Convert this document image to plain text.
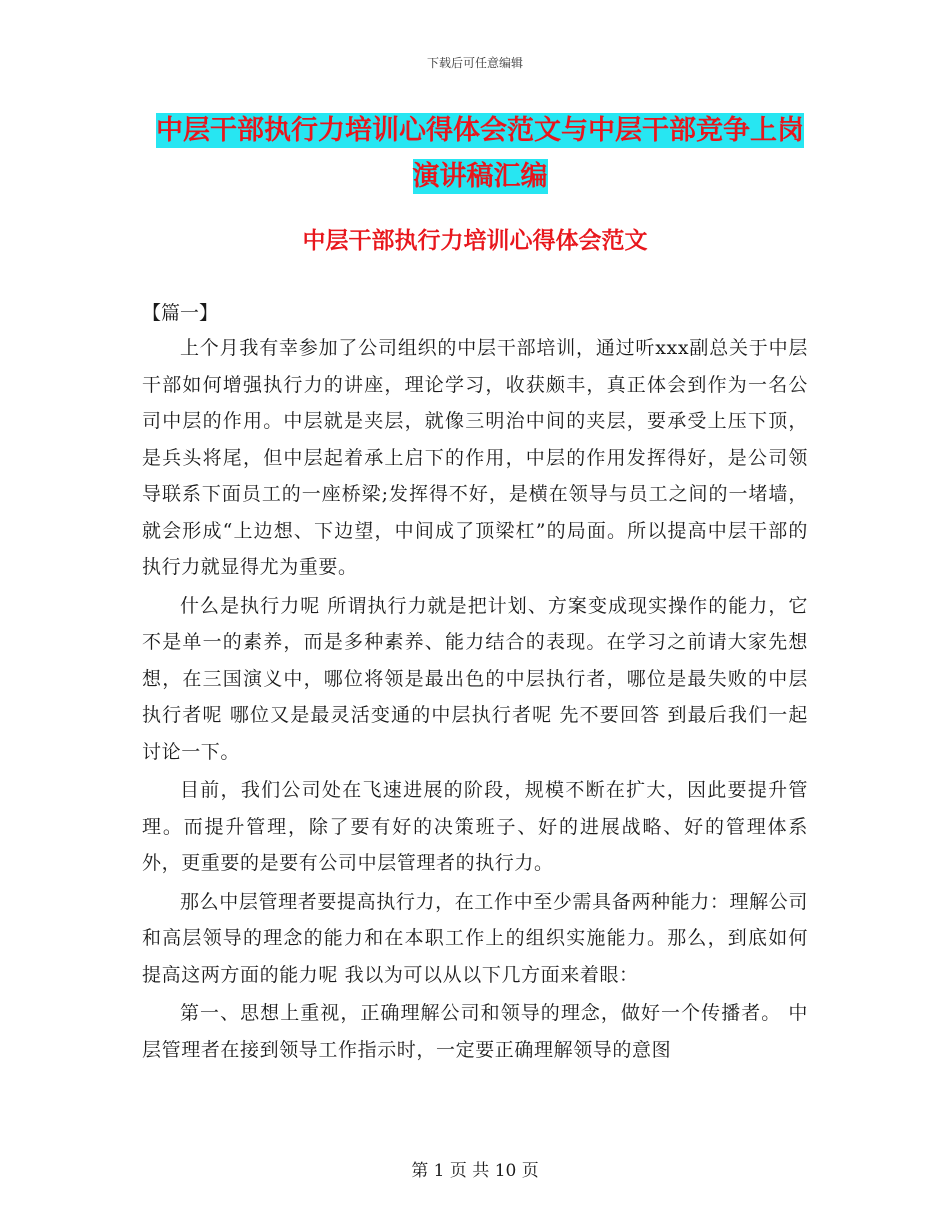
下载后可任意编辑
中层干部执行力培训心得体会范文与中层干部竞争上岗演讲稿汇编
中层干部执行力培训心得体会范文
【篇一】

上个月我有幸参加了公司组织的中层干部培训，通过听xxx副总关于中层干部如何增强执行力的讲座，理论学习，收获颇丰，真正体会到作为一名公司中层的作用。中层就是夹层，就像三明治中间的夹层，要承受上压下顶，是兵头将尾，但中层起着承上启下的作用，中层的作用发挥得好，是公司领导联系下面员工的一座桥梁;发挥得不好，是横在领导与员工之间的一堵墙，就会形成“上边想、下边望，中间成了顶梁杠”的局面。所以提高中层干部的执行力就显得尤为重要。

什么是执行力呢 所谓执行力就是把计划、方案变成现实操作的能力，它不是单一的素养，而是多种素养、能力结合的表现。在学习之前请大家先想想，在三国演义中，哪位将领是最出色的中层执行者，哪位是最失败的中层执行者呢 哪位又是最灵活变通的中层执行者呢 先不要回答 到最后我们一起讨论一下。

目前，我们公司处在飞速进展的阶段，规模不断在扩大，因此要提升管理。而提升管理，除了要有好的决策班子、好的进展战略、好的管理体系外，更重要的是要有公司中层管理者的执行力。

那么中层管理者要提高执行力，在工作中至少需具备两种能力：理解公司和高层领导的理念的能力和在本职工作上的组织实施能力。那么，到底如何提高这两方面的能力呢 我以为可以从以下几方面来着眼：

第一、思想上重视，正确理解公司和领导的理念，做好一个传播者。 中层管理者在接到领导工作指示时，一定要正确理解领导的意图

第 1 页 共 10 页
